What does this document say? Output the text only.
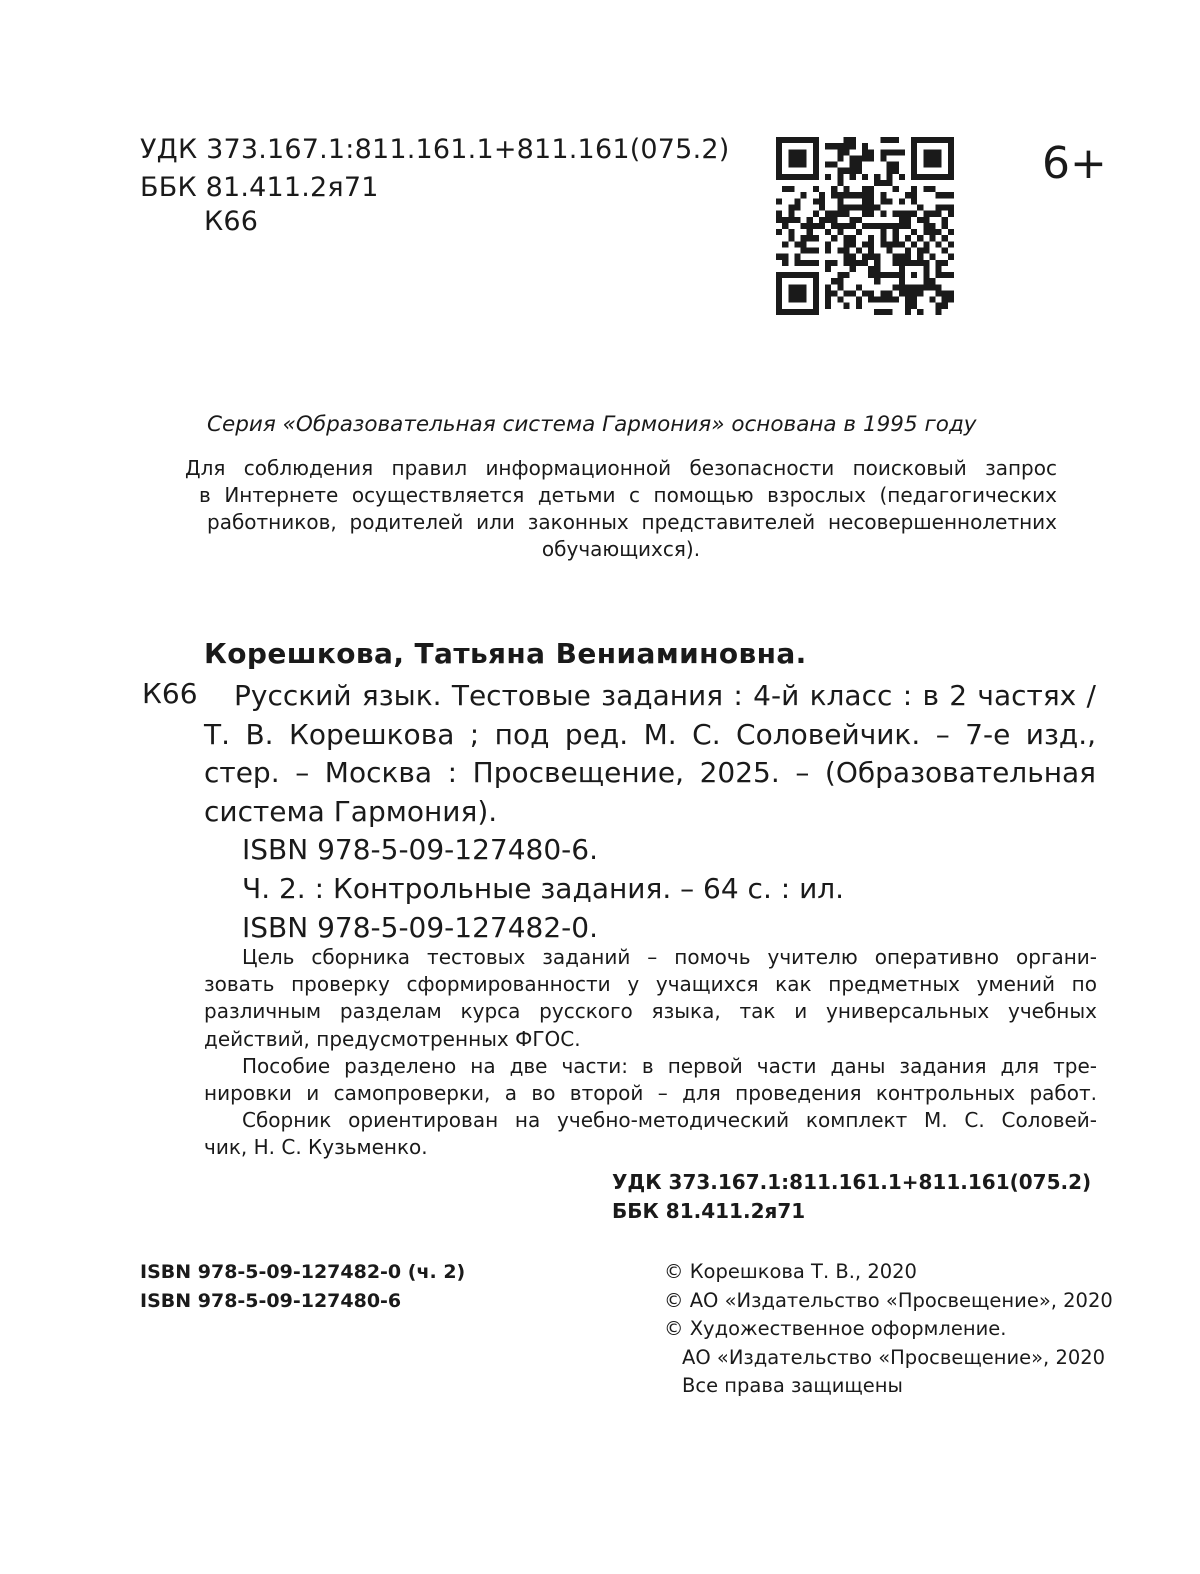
УДК 373.167.1:811.161.1+811.161(075.2)
ББК 81.411.2я71
К66
6+
Серия «Образовательная система Гармония» основана в 1995 году
Для соблюдения правил информационной безопасности поисковый запрос
в Интернете осуществляется детьми с помощью взрослых (педагогических
работников, родителей или законных представителей несовершеннолетних
обучающихся).
Корешкова, Татьяна Вениаминовна.
К66	Русский язык. Тестовые задания : 4-й класс : в 2 частях /
Т. В. Корешкова ; под ред. М. С. Соловейчик. – 7-е изд.,
стер. – Москва : Просвещение, 2025. – (Образовательная
система Гармония).
ISBN 978-5-09-127480-6.
Ч. 2. : Контрольные задания. – 64 с. : ил.
ISBN 978-5-09-127482-0.
Цель сборника тестовых заданий – помочь учителю оперативно органи-
зовать проверку сформированности у учащихся как предметных умений по
различным разделам курса русского языка, так и универсальных учебных
действий, предусмотренных ФГОС.
Пособие разделено на две части: в первой части даны задания для тре-
нировки и самопроверки, а во второй – для проведения контрольных работ.
Сборник ориентирован на учебно-методический комплект М. С. Соловей-
чик, Н. С. Кузьменко.
УДК 373.167.1:811.161.1+811.161(075.2)
ББК 81.411.2я71
ISBN 978-5-09-127482-0 (ч. 2)
ISBN 978-5-09-127480-6
© Корешкова Т. В., 2020
© АО «Издательство «Просвещение», 2020
© Художественное оформление.
АО «Издательство «Просвещение», 2020
Все права защищены
